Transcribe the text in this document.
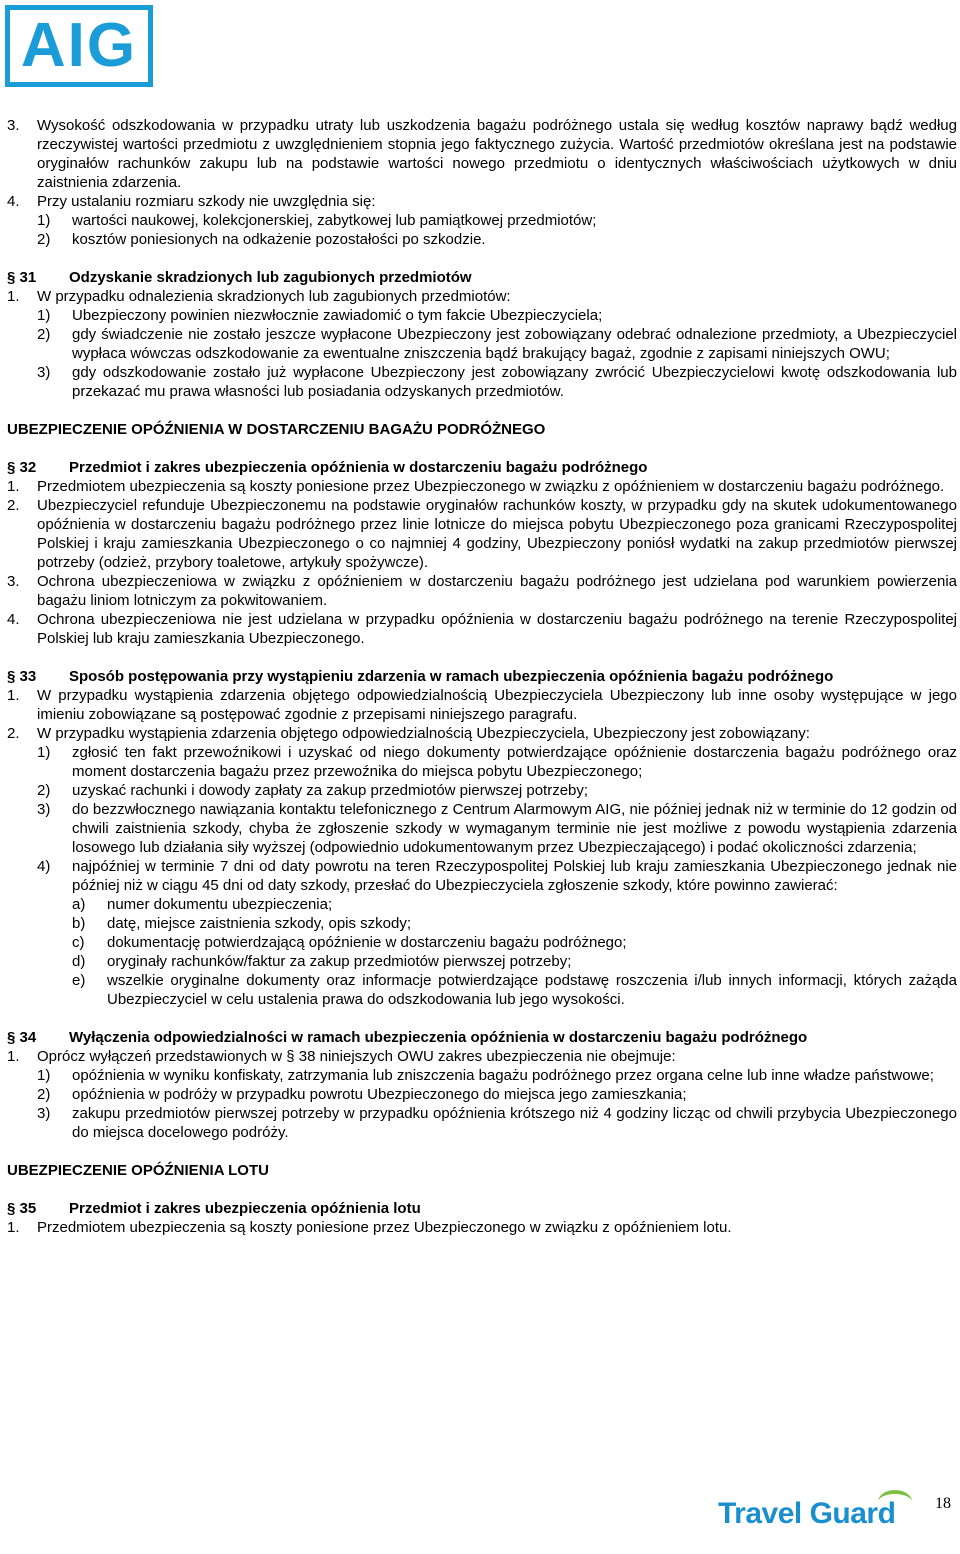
AIG
3.	Wysokość odszkodowania w przypadku utraty lub uszkodzenia bagażu podróżnego ustala się według kosztów naprawy bądź według rzeczywistej wartości przedmiotu z uwzględnieniem stopnia jego faktycznego zużycia. Wartość przedmiotów określana jest na podstawie oryginałów rachunków zakupu lub na podstawie wartości nowego przedmiotu o identycznych właściwościach użytkowych w dniu zaistnienia zdarzenia.
4.	Przy ustalaniu rozmiaru szkody nie uwzględnia się:
1)	wartości naukowej, kolekcjonerskiej, zabytkowej lub pamiątkowej przedmiotów;
2)	kosztów poniesionych na odkażenie pozostałości po szkodzie.
§ 31	Odzyskanie skradzionych lub zagubionych przedmiotów
1.	W przypadku odnalezienia skradzionych lub zagubionych przedmiotów:
1)	Ubezpieczony powinien niezwłocznie zawiadomić o tym fakcie Ubezpieczyciela;
2)	gdy świadczenie nie zostało jeszcze wypłacone Ubezpieczony jest zobowiązany odebrać odnalezione przedmioty, a Ubezpieczyciel wypłaca wówczas odszkodowanie za ewentualne zniszczenia bądź brakujący bagaż, zgodnie z zapisami niniejszych OWU;
3)	gdy odszkodowanie zostało już wypłacone Ubezpieczony jest zobowiązany zwrócić Ubezpieczycielowi kwotę odszkodowania lub przekazać mu prawa własności lub posiadania odzyskanych przedmiotów.
UBEZPIECZENIE OPÓŹNIENIA W DOSTARCZENIU BAGAŻU PODRÓŻNEGO
§ 32	Przedmiot i zakres ubezpieczenia opóźnienia w dostarczeniu bagażu podróżnego
1.	Przedmiotem ubezpieczenia są koszty poniesione przez Ubezpieczonego w związku z opóźnieniem w dostarczeniu bagażu podróżnego.
2.	Ubezpieczyciel refunduje Ubezpieczonemu na podstawie oryginałów rachunków koszty, w przypadku gdy na skutek udokumentowanego opóźnienia w dostarczeniu bagażu podróżnego przez linie lotnicze do miejsca pobytu Ubezpieczonego poza granicami Rzeczypospolitej Polskiej i kraju zamieszkania Ubezpieczonego o co najmniej 4 godziny, Ubezpieczony poniósł wydatki na zakup przedmiotów pierwszej potrzeby (odzież, przybory toaletowe, artykuły spożywcze).
3.	Ochrona ubezpieczeniowa w związku z opóźnieniem w dostarczeniu bagażu podróżnego jest udzielana pod warunkiem powierzenia bagażu liniom lotniczym za pokwitowaniem.
4.	Ochrona ubezpieczeniowa nie jest udzielana w przypadku opóźnienia w dostarczeniu bagażu podróżnego na terenie Rzeczypospolitej Polskiej lub kraju zamieszkania Ubezpieczonego.
§ 33	Sposób postępowania przy wystąpieniu zdarzenia w ramach ubezpieczenia opóźnienia bagażu podróżnego
1.	W przypadku wystąpienia zdarzenia objętego odpowiedzialnością Ubezpieczyciela Ubezpieczony lub inne osoby występujące w jego imieniu zobowiązane są postępować zgodnie z przepisami niniejszego paragrafu.
2.	W przypadku wystąpienia zdarzenia objętego odpowiedzialnością Ubezpieczyciela, Ubezpieczony jest zobowiązany:
1)	zgłosić ten fakt przewoźnikowi i uzyskać od niego dokumenty potwierdzające opóźnienie dostarczenia bagażu podróżnego oraz moment dostarczenia bagażu przez przewoźnika do miejsca pobytu Ubezpieczonego;
2)	uzyskać rachunki i dowody zapłaty za zakup przedmiotów pierwszej potrzeby;
3)	do bezzwłocznego nawiązania kontaktu telefonicznego z Centrum Alarmowym AIG, nie później jednak niż w terminie do 12 godzin od chwili zaistnienia szkody, chyba że zgłoszenie szkody w wymaganym terminie nie jest możliwe z powodu wystąpienia zdarzenia losowego lub działania siły wyższej (odpowiednio udokumentowanym przez Ubezpieczającego) i podać okoliczności zdarzenia;
4)	najpóźniej w terminie 7 dni od daty powrotu na teren Rzeczypospolitej Polskiej lub kraju zamieszkania Ubezpieczonego jednak nie później niż w ciągu 45 dni od daty szkody, przesłać do Ubezpieczyciela zgłoszenie szkody, które powinno zawierać:
a)	numer dokumentu ubezpieczenia;
b)	datę, miejsce zaistnienia szkody, opis szkody;
c)	dokumentację potwierdzającą opóźnienie w dostarczeniu bagażu podróżnego;
d)	oryginały rachunków/faktur za zakup przedmiotów pierwszej potrzeby;
e)	wszelkie oryginalne dokumenty oraz informacje potwierdzające podstawę roszczenia i/lub innych informacji, których zażąda Ubezpieczyciel w celu ustalenia prawa do odszkodowania lub jego wysokości.
§ 34	Wyłączenia odpowiedzialności w ramach ubezpieczenia opóźnienia w dostarczeniu bagażu podróżnego
1.	Oprócz wyłączeń przedstawionych w § 38 niniejszych OWU zakres ubezpieczenia nie obejmuje:
1)	opóźnienia w wyniku konfiskaty, zatrzymania lub zniszczenia bagażu podróżnego przez organa celne lub inne władze państwowe;
2)	opóźnienia w podróży w przypadku powrotu Ubezpieczonego do miejsca jego zamieszkania;
3)	zakupu przedmiotów pierwszej potrzeby w przypadku opóźnienia krótszego niż 4 godziny licząc od chwili przybycia Ubezpieczonego do miejsca docelowego podróży.
UBEZPIECZENIE OPÓŹNIENIA LOTU
§ 35	Przedmiot i zakres ubezpieczenia opóźnienia lotu
1.	Przedmiotem ubezpieczenia są koszty poniesione przez Ubezpieczonego w związku z opóźnieniem lotu.
Travel Guard 18
